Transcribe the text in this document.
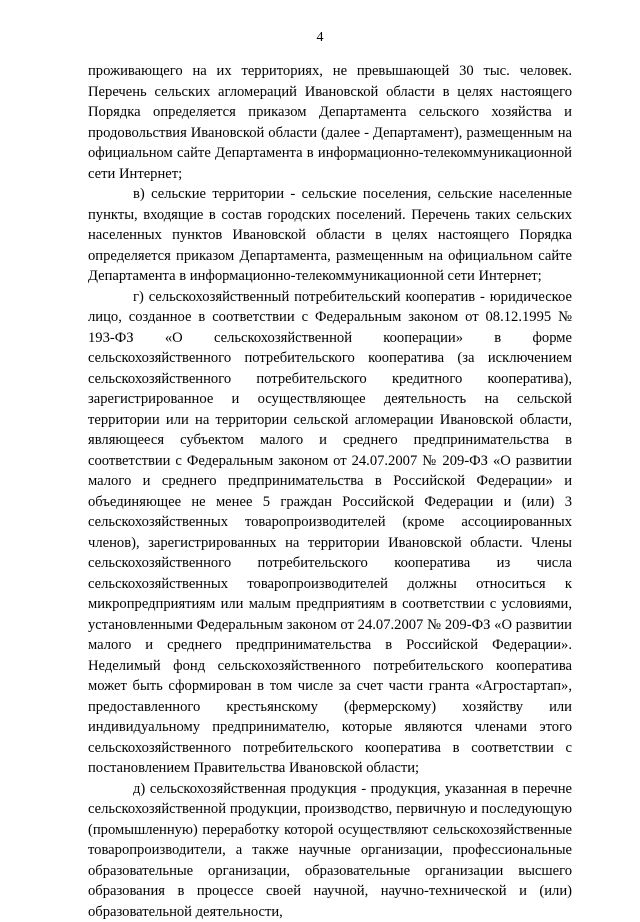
4

проживающего на их территориях, не превышающей 30 тыс. человек. Перечень сельских агломераций Ивановской области в целях настоящего Порядка определяется приказом Департамента сельского хозяйства и продовольствия Ивановской области (далее - Департамент), размещенным на официальном сайте Департамента в информационно-телекоммуникационной сети Интернет;

в) сельские территории - сельские поселения, сельские населенные пункты, входящие в состав городских поселений. Перечень таких сельских населенных пунктов Ивановской области в целях настоящего Порядка определяется приказом Департамента, размещенным на официальном сайте Департамента в информационно-телекоммуникационной сети Интернет;

г) сельскохозяйственный потребительский кооператив - юридическое лицо, созданное в соответствии с Федеральным законом от 08.12.1995 № 193-ФЗ «О сельскохозяйственной кооперации» в форме сельскохозяйственного потребительского кооператива (за исключением сельскохозяйственного потребительского кредитного кооператива), зарегистрированное и осуществляющее деятельность на сельской территории или на территории сельской агломерации Ивановской области, являющееся субъектом малого и среднего предпринимательства в соответствии с Федеральным законом от 24.07.2007 № 209-ФЗ «О развитии малого и среднего предпринимательства в Российской Федерации» и объединяющее не менее 5 граждан Российской Федерации и (или) 3 сельскохозяйственных товаропроизводителей (кроме ассоциированных членов), зарегистрированных на территории Ивановской области. Члены сельскохозяйственного потребительского кооператива из числа сельскохозяйственных товаропроизводителей должны относиться к микропредприятиям или малым предприятиям в соответствии с условиями, установленными Федеральным законом от 24.07.2007 № 209-ФЗ «О развитии малого и среднего предпринимательства в Российской Федерации». Неделимый фонд сельскохозяйственного потребительского кооператива может быть сформирован в том числе за счет части гранта «Агростартап», предоставленного крестьянскому (фермерскому) хозяйству или индивидуальному предпринимателю, которые являются членами этого сельскохозяйственного потребительского кооператива в соответствии с постановлением Правительства Ивановской области;

д) сельскохозяйственная продукция - продукция, указанная в перечне сельскохозяйственной продукции, производство, первичную и последующую (промышленную) переработку которой осуществляют сельскохозяйственные товаропроизводители, а также научные организации, профессиональные образовательные организации, образовательные организации высшего образования в процессе своей научной, научно-технической и (или) образовательной деятельности,
